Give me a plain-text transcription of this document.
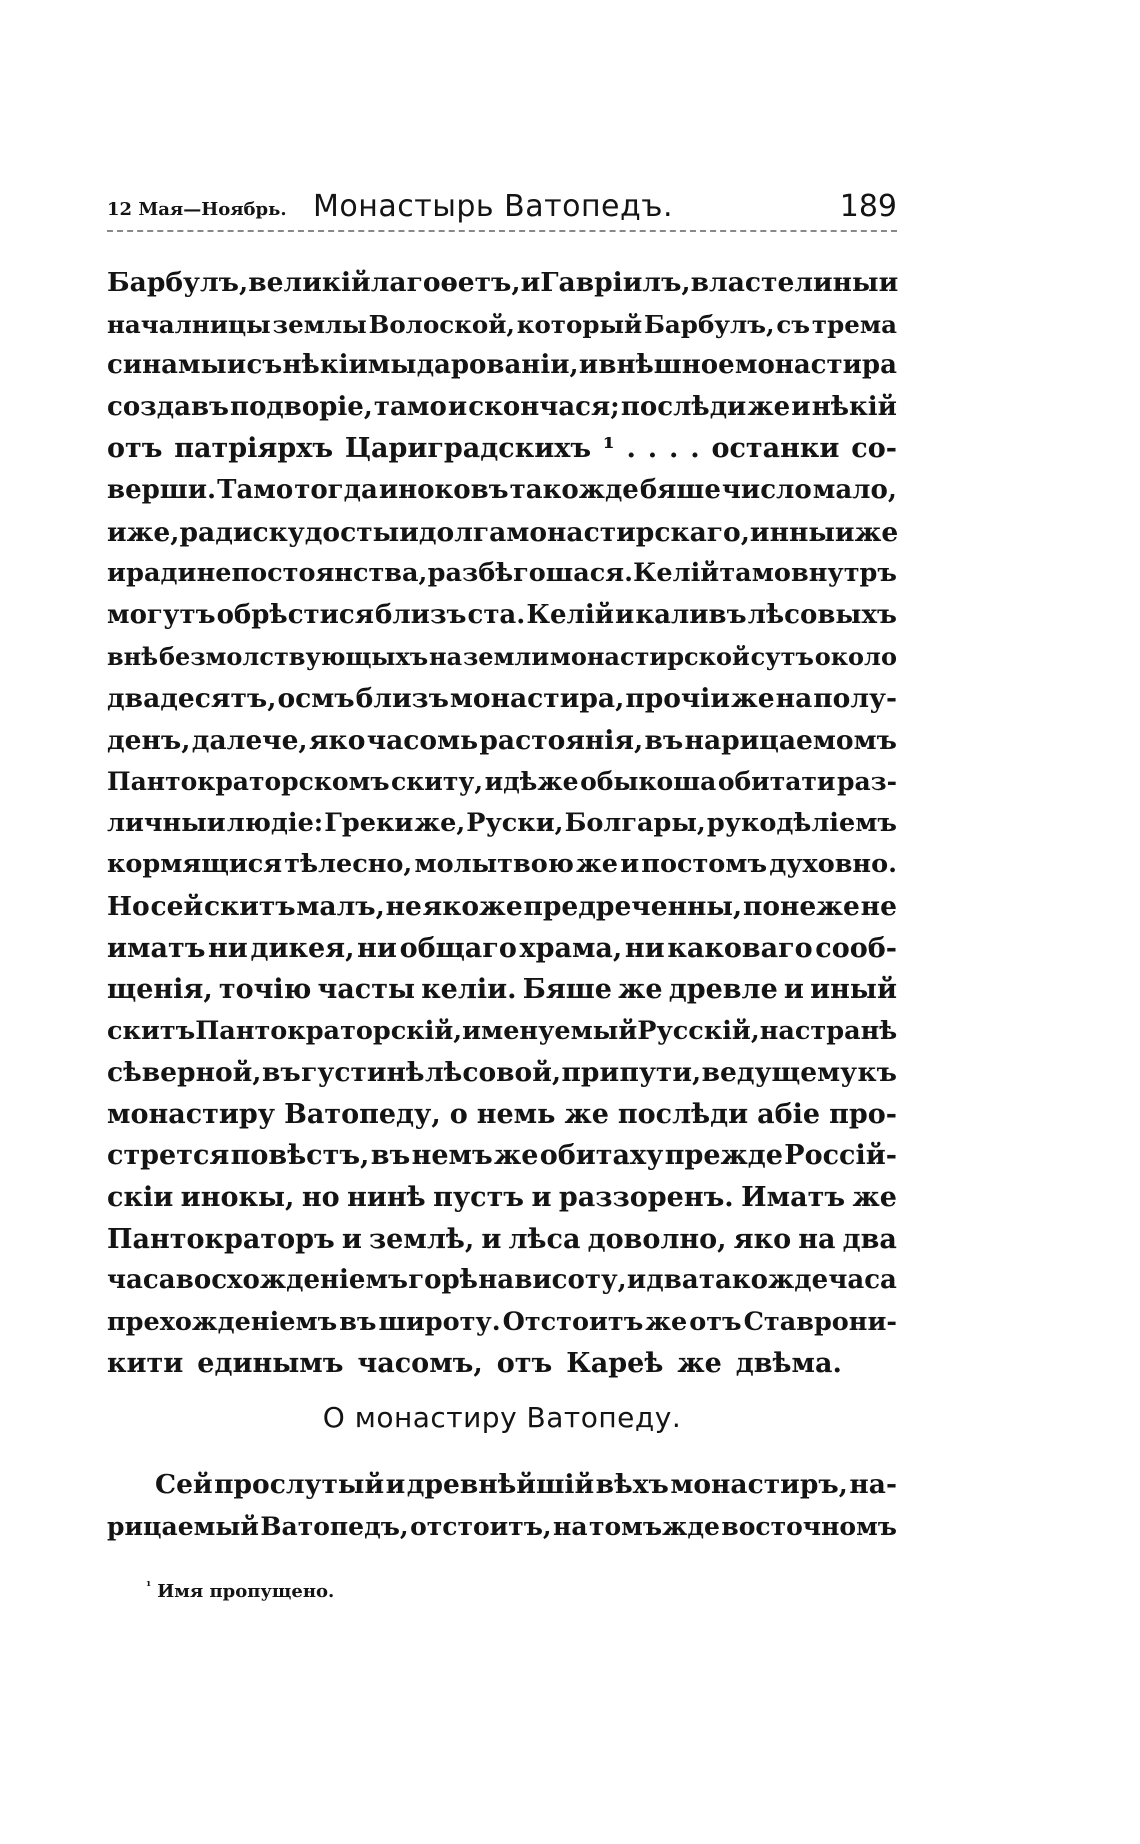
12 Мая—Ноябрь. Монастырь Ватопедъ.	189
Барбулъ, великій лагоѳетъ, и Гавріилъ, властелины и
началницы землы Волоской, который Барбулъ, съ трема
синамы и съ нѣкіимы дарованіи, и внѣшное монастира
создавъ подворіе, тамо и скончася; послѣди же и нѣкій
отъ патріярхъ Цариградскихъ ¹ . . . . останки со-
верши. Тамо тогда иноковъ такожде бяше число мало,
иже, ради скудосты и долга монастирскаго, инныи же
и ради непостоянства, разбѣгошася. Келій тамо внутръ
могутъ обрѣстися близъ ста. Келій и каливъ лѣсовыхъ
внѣ безмолствующыхъ на земли монастирской сутъ около
двадесятъ, осмъ близъ монастира, прочіи же на полу-
денъ, далече, яко часомь растоянія, въ нарицаемомъ
Пантократорскомъ скиту, идѣже обыкоша обитати раз-
личныи людіе: Греки же, Руски, Болгары, рукодѣліемъ
кормящися тѣлесно, молытвою же и постомъ духовно.
Но сей скитъ малъ, не якоже предреченны, понеже не
иматъ ни дикея, ни общаго храма, ни каковаго сооб-
щенія, точію часты келіи. Бяше же древле и иный
скитъ Пантократорскій, именуемый Русскій, на странѣ
сѣверной, въ густинѣ лѣсовой, при пути, ведущему къ
монастиру Ватопеду, о немь же послѣди абіе про-
стрется повѣстъ, въ немъ же обитаху прежде Россій-
скіи инокы, но нинѣ пустъ и раззоренъ. Иматъ же
Пантократоръ и землѣ, и лѣса доволно, яко на два
часа восхожденіемъ горѣ на висоту, и два такожде часа
прехожденіемъ въ широту. Отстоитъ же отъ Ставрони-
кити единымъ часомъ, отъ Кареѣ же двѣма.
О монастиру Ватопеду.
Сей прослутый и древнѣйшій вѣхъ монастиръ, на-
рицаемый Ватопедъ, отстоитъ, на томъжде восточномъ
$^{^1}$ Имя пропущено.
